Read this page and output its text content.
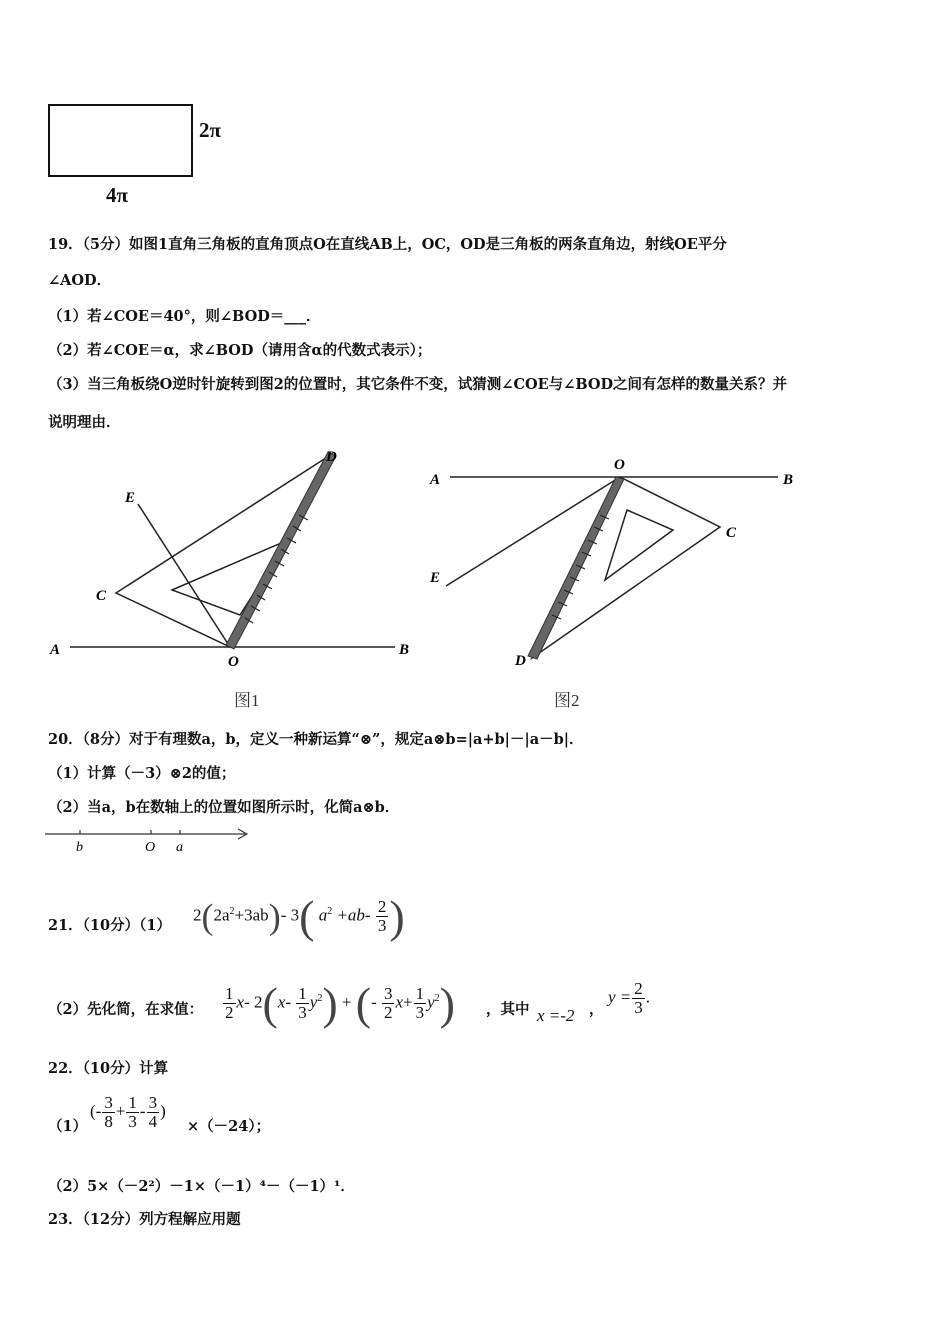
2π
4π
19．（5分）如图1直角三角板的直角顶点O在直线AB上，OC，OD是三角板的两条直角边，射线OE平分
∠AOD．
（1）若∠COE＝40°，则∠BOD＝___．
（2）若∠COE＝α，求∠BOD（请用含α的代数式表示）；
（3）当三角板绕O逆时针旋转到图2的位置时，其它条件不变，试猜测∠COE与∠BOD之间有怎样的数量关系？并
说明理由．
D
E
C
A
O
B
图1
A
O
B
C
E
D
图2
20．（8分）对于有理数a，b，定义一种新运算“⊗”，规定a⊗b=|a+b|－|a－b|．
（1）计算（－3）⊗2的值；
（2）当a，b在数轴上的位置如图所示时，化简a⊗b．
b	O a
21．（10分）（1）
$2(2a^2+3ab)-$ 3( $a^2 +ab- \frac{2}{3}$ )
（2）先化简，在求值： $\frac{1}{2} x-$ $2(x- \frac{1}{3} y^2)$ + (- $\frac{3}{2} x+ \frac{1}{3} y^2$) ，其中 x =-2 ，
$y = \frac{2}{3}$ .
22．（10分）计算
（1）
(- $\frac{3}{8} + \frac{1}{3} - \frac{3}{4}$ )
×（－24）；
（2）5×（－2²）－1×（－1）⁴－（－1）¹．
23．（12分）列方程解应用题
